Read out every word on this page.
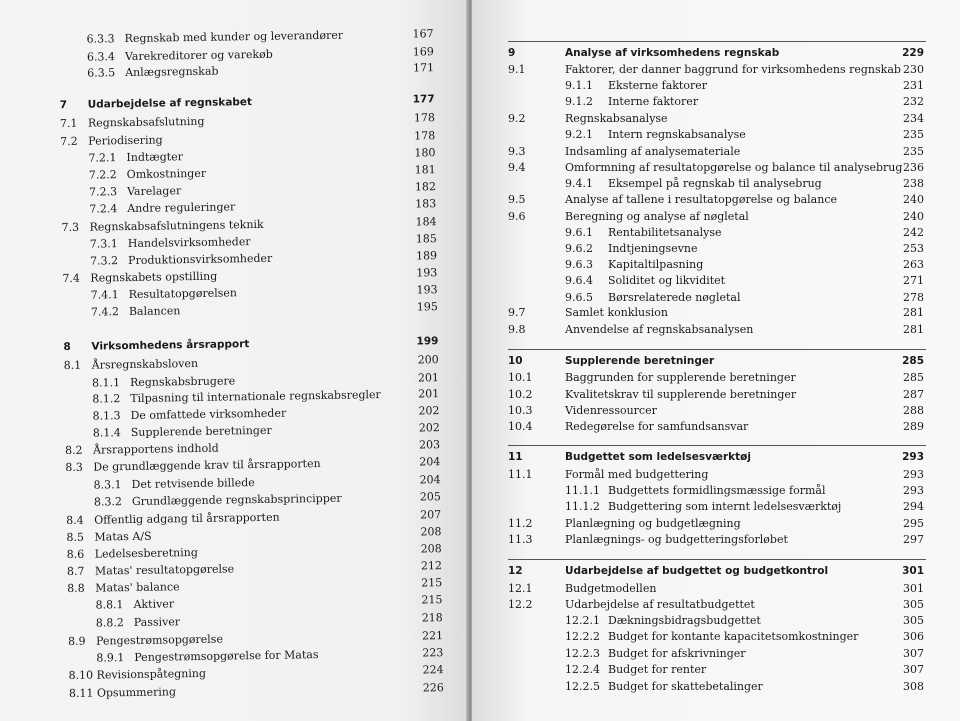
6.3.3 Regnskab med kunder og leverandører	167
6.3.4 Varekreditorer og varekøb	169
6.3.5 Anlægsregnskab	171
7 Udarbejdelse af regnskabet	177
7.1 Regnskabsafslutning	178
7.2 Periodisering	178
7.2.1 Indtægter	180
7.2.2 Omkostninger	181
7.2.3 Varelager	182
7.2.4 Andre reguleringer	183
7.3 Regnskabsafslutningens teknik	184
7.3.1 Handelsvirksomheder	185
7.3.2 Produktionsvirksomheder	189
7.4 Regnskabets opstilling	193
7.4.1 Resultatopgørelsen	193
7.4.2 Balancen	195
8 Virksomhedens årsrapport	199
8.1 Årsregnskabsloven	200
8.1.1 Regnskabsbrugere	201
8.1.2 Tilpasning til internationale regnskabsregler	201
8.1.3 De omfattede virksomheder	202
8.1.4 Supplerende beretninger	202
8.2 Årsrapportens indhold	203
8.3 De grundlæggende krav til årsrapporten	204
8.3.1 Det retvisende billede	204
8.3.2 Grundlæggende regnskabsprincipper	205
8.4 Offentlig adgang til årsrapporten	207
8.5 Matas A/S	208
8.6 Ledelsesberetning	208
8.7 Matas' resultatopgørelse	212
8.8 Matas' balance	215
8.8.1 Aktiver	215
8.8.2 Passiver	218
8.9 Pengestrømsopgørelse	221
8.9.1 Pengestrømsopgørelse for Matas	223
8.10 Revisionspåtegning	224
8.11 Opsummering	226
9	Analyse af virksomhedens regnskab	229
9.1	Faktorer, der danner baggrund for virksomhedens regnskab 230
9.1.1 Eksterne faktorer	231
9.1.2 Interne faktorer	232
9.2	Regnskabsanalyse	234
9.2.1 Intern regnskabsanalyse	235
9.3	Indsamling af analysemateriale	235
9.4	Omformning af resultatopgørelse og balance til analysebrug 236
9.4.1 Eksempel på regnskab til analysebrug	238
9.5	Analyse af tallene i resultatopgørelse og balance	240
9.6	Beregning og analyse af nøgletal	240
9.6.1 Rentabilitetsanalyse	242
9.6.2 Indtjeningsevne	253
9.6.3 Kapitaltilpasning	263
9.6.4 Soliditet og likviditet	271
9.6.5 Børsrelaterede nøgletal	278
9.7	Samlet konklusion	281
9.8	Anvendelse af regnskabsanalysen	281
10	Supplerende beretninger	285
10.1	Baggrunden for supplerende beretninger	285
10.2	Kvalitetskrav til supplerende beretninger	287
10.3	Videnressourcer	288
10.4	Redegørelse for samfundsansvar	289
11	Budgettet som ledelsesværktøj	293
11.1	Formål med budgettering	293
11.1.1 Budgettets formidlingsmæssige formål	293
11.1.2 Budgettering som internt ledelsesværktøj	294
11.2	Planlægning og budgetlægning	295
11.3	Planlægnings- og budgetteringsforløbet	297
12	Udarbejdelse af budgettet og budgetkontrol	301
12.1	Budgetmodellen	301
12.2	Udarbejdelse af resultatbudgettet	305
12.2.1 Dækningsbidragsbudgettet	305
12.2.2 Budget for kontante kapacitetsomkostninger	306
12.2.3 Budget for afskrivninger	307
12.2.4 Budget for renter	307
12.2.5 Budget for skattebetalinger	308
